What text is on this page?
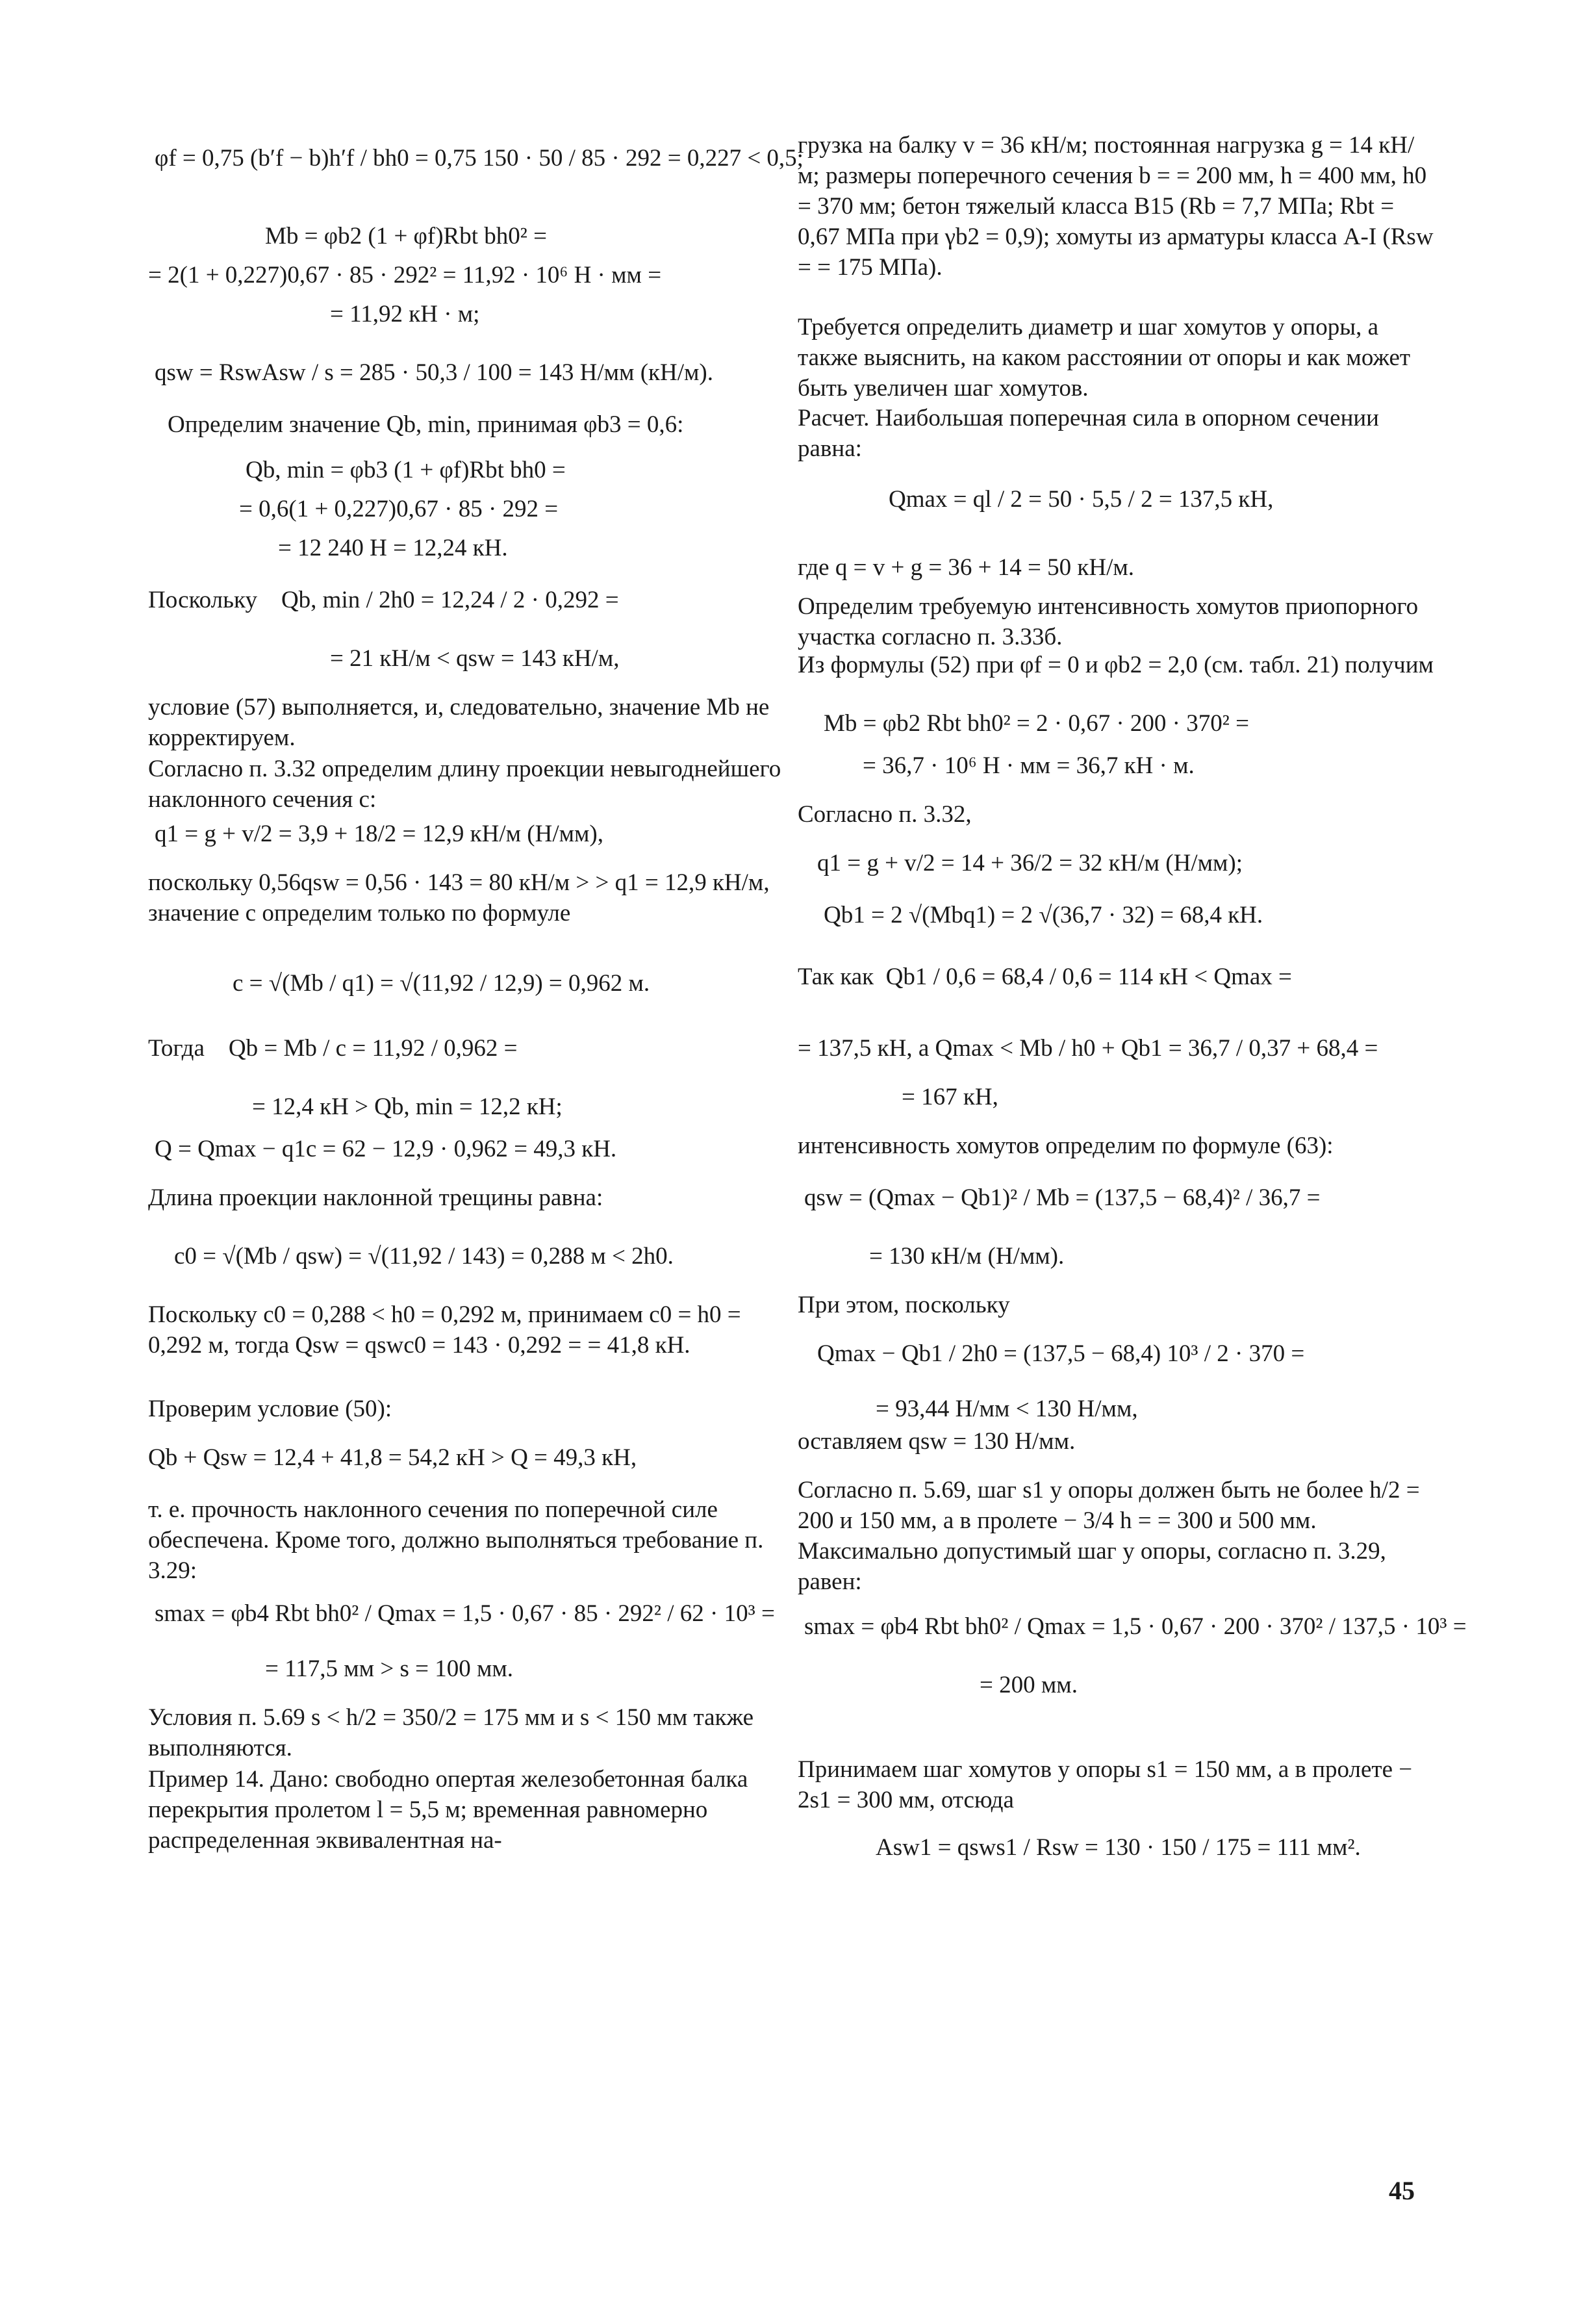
φf = 0,75 (b′f − b)h′f / bh0 = 0,75 150 · 50 / 85 · 292 = 0,227 < 0,5;
Mb = φb2 (1 + φf)Rbt bh0² =
= 2(1 + 0,227)0,67 · 85 · 292² = 11,92 · 10⁶ Н · мм =
= 11,92 кН · м;
qsw = RswAsw / s = 285 · 50,3 / 100 = 143 Н/мм (кН/м).
Определим значение Qb, min, принимая φb3 = 0,6:
Qb, min = φb3 (1 + φf)Rbt bh0 =
= 0,6(1 + 0,227)0,67 · 85 · 292 =
= 12 240 Н = 12,24 кН.
Поскольку    Qb, min / 2h0 = 12,24 / 2 · 0,292 =
= 21 кН/м < qsw = 143 кН/м,
условие (57) выполняется, и, следовательно, значение Mb не корректируем.
Согласно п. 3.32 определим длину проекции невыгоднейшего наклонного сечения c:
q1 = g + v/2 = 3,9 + 18/2 = 12,9 кН/м (Н/мм),
поскольку 0,56qsw = 0,56 · 143 = 80 кН/м > > q1 = 12,9 кН/м, значение c определим только по формуле
c = √(Mb / q1) = √(11,92 / 12,9) = 0,962 м.
Тогда    Qb = Mb / c = 11,92 / 0,962 =
= 12,4 кН > Qb, min = 12,2 кН;
Q = Qmax − q1c = 62 − 12,9 · 0,962 = 49,3 кН.
Длина проекции наклонной трещины равна:
c0 = √(Mb / qsw) = √(11,92 / 143) = 0,288 м < 2h0.
Поскольку c0 = 0,288 < h0 = 0,292 м, принимаем c0 = h0 = 0,292 м, тогда Qsw = qswc0 = 143 · 0,292 = = 41,8 кН.
Проверим условие (50):
Qb + Qsw = 12,4 + 41,8 = 54,2 кН > Q = 49,3 кН,
т. е. прочность наклонного сечения по поперечной силе обеспечена. Кроме того, должно выполняться требование п. 3.29:
smax = φb4 Rbt bh0² / Qmax = 1,5 · 0,67 · 85 · 292² / 62 · 10³ =
= 117,5 мм > s = 100 мм.
Условия п. 5.69 s < h/2 = 350/2 = 175 мм и s < 150 мм также выполняются.
Пример 14. Дано: свободно опертая железобетонная балка перекрытия пролетом l = 5,5 м; временная равномерно распределенная эквивалентная на-
грузка на балку v = 36 кН/м; постоянная нагрузка g = 14 кН/м; размеры поперечного сечения b = = 200 мм, h = 400 мм, h0 = 370 мм; бетон тяжелый класса В15 (Rb = 7,7 МПа; Rbt = 0,67 МПа при γb2 = 0,9); хомуты из арматуры класса А-I (Rsw = = 175 МПа).
Требуется определить диаметр и шаг хомутов у опоры, а также выяснить, на каком расстоянии от опоры и как может быть увеличен шаг хомутов.
Расчет. Наибольшая поперечная сила в опорном сечении равна:
Qmax = ql / 2 = 50 · 5,5 / 2 = 137,5 кН,
где q = v + g = 36 + 14 = 50 кН/м.
Определим требуемую интенсивность хомутов приопорного участка согласно п. 3.33б.
Из формулы (52) при φf = 0 и φb2 = 2,0 (см. табл. 21) получим
Mb = φb2 Rbt bh0² = 2 · 0,67 · 200 · 370² =
= 36,7 · 10⁶ Н · мм = 36,7 кН · м.
Согласно п. 3.32,
q1 = g + v/2 = 14 + 36/2 = 32 кН/м (Н/мм);
Qb1 = 2 √(Mbq1) = 2 √(36,7 · 32) = 68,4 кН.
Так как  Qb1 / 0,6 = 68,4 / 0,6 = 114 кН < Qmax =
= 137,5 кН, а Qmax < Mb / h0 + Qb1 = 36,7 / 0,37 + 68,4 =
= 167 кН,
интенсивность хомутов определим по формуле (63):
qsw = (Qmax − Qb1)² / Mb = (137,5 − 68,4)² / 36,7 =
= 130 кН/м (Н/мм).
При этом, поскольку
Qmax − Qb1 / 2h0 = (137,5 − 68,4) 10³ / 2 · 370 =
= 93,44 Н/мм < 130 Н/мм,
оставляем qsw = 130 Н/мм.
Согласно п. 5.69, шаг s1 у опоры должен быть не более h/2 = 200 и 150 мм, а в пролете − 3/4 h = = 300 и 500 мм. Максимально допустимый шаг у опоры, согласно п. 3.29, равен:
smax = φb4 Rbt bh0² / Qmax = 1,5 · 0,67 · 200 · 370² / 137,5 · 10³ =
= 200 мм.
Принимаем шаг хомутов у опоры s1 = 150 мм, а в пролете − 2s1 = 300 мм, отсюда
Asw1 = qsws1 / Rsw = 130 · 150 / 175 = 111 мм².
45
